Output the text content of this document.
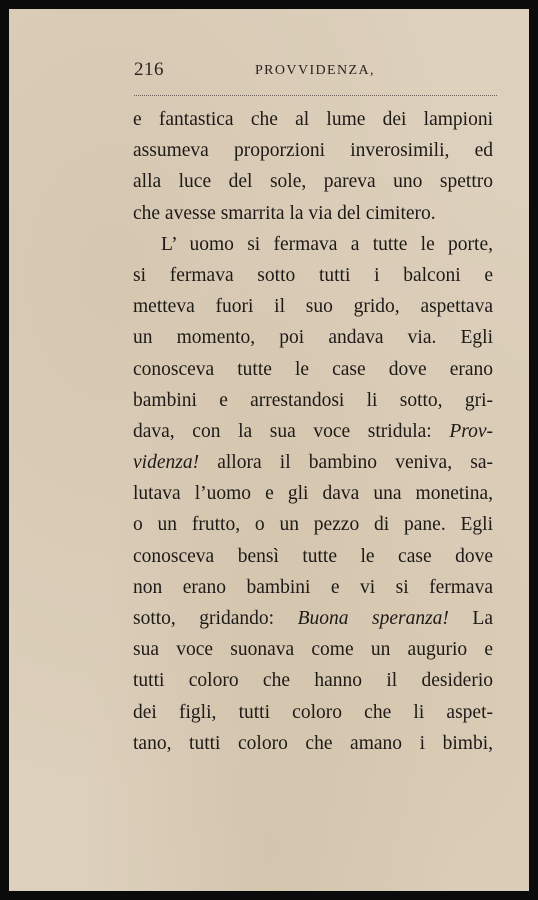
216	PROVVIDENZA,
e fantastica che al lume dei lampioni
assumeva proporzioni inverosimili, ed
alla luce del sole, pareva uno spettro
che avesse smarrita la via del cimitero.
L’ uomo si fermava a tutte le porte,
si fermava sotto tutti i balconi e
metteva fuori il suo grido, aspettava
un momento, poi andava via. Egli
conosceva tutte le case dove erano
bambini e arrestandosi li sotto, gri-
dava, con la sua voce stridula: Prov-
videnza! allora il bambino veniva, sa-
lutava l’uomo e gli dava una monetina,
o un frutto, o un pezzo di pane. Egli
conosceva bensì tutte le case dove
non erano bambini e vi si fermava
sotto, gridando: Buona speranza! La
sua voce suonava come un augurio e
tutti coloro che hanno il desiderio
dei figli, tutti coloro che li aspet-
tano, tutti coloro che amano i bimbi,
